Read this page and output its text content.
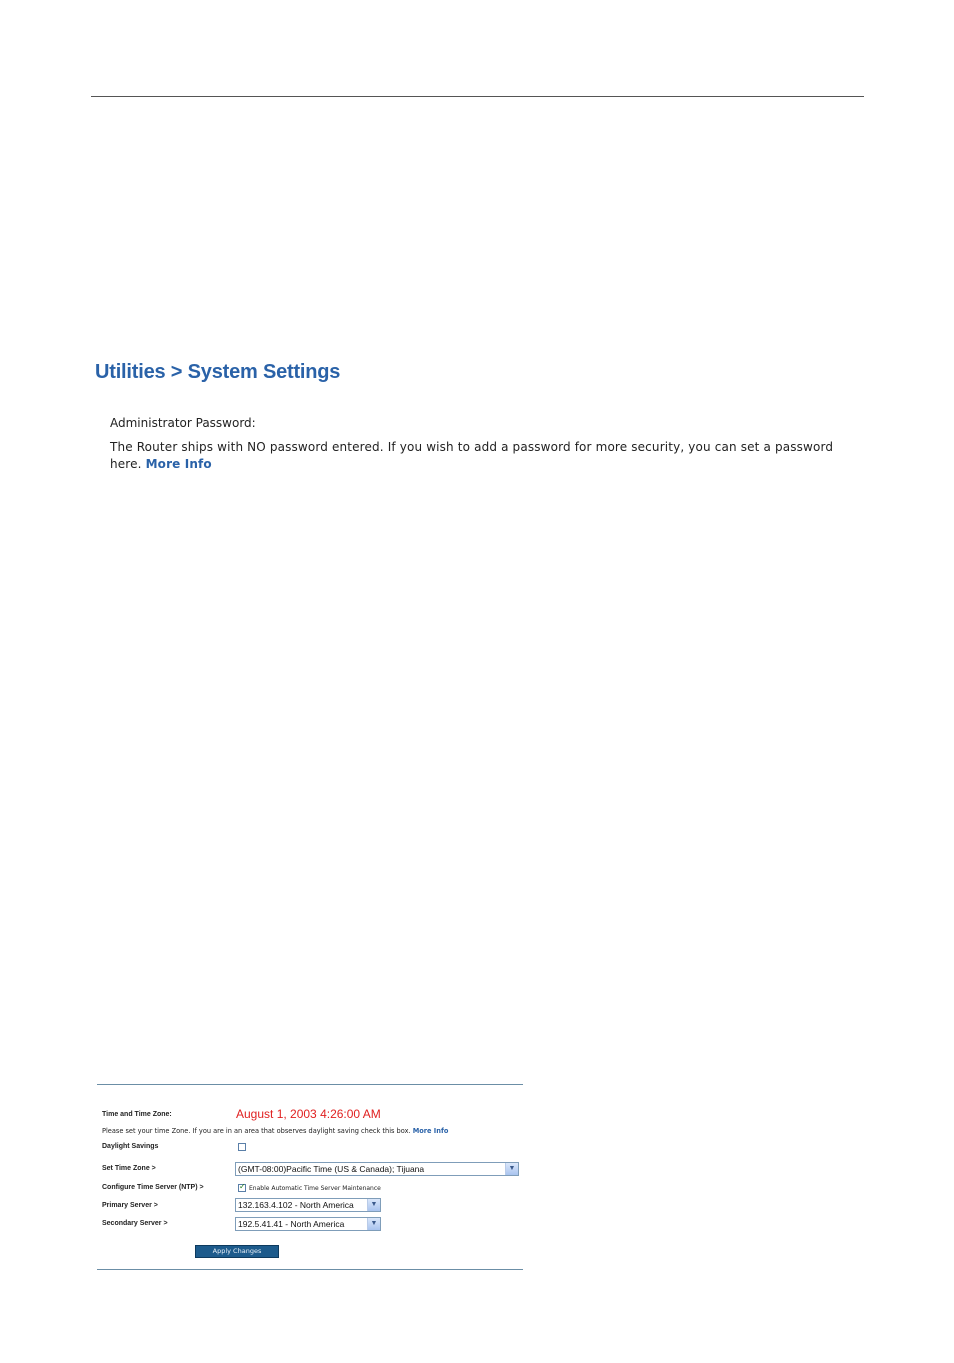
Utilities > System Settings
Administrator Password:
The Router ships with NO password entered. If you wish to add a password for more security, you can set a password here. More Info
Time and Time Zone:	August 1, 2003 4:26:00 AM
Please set your time Zone. If you are in an area that observes daylight saving check this box. More Info
Daylight Savings
Set Time Zone >	(GMT-08:00)Pacific Time (US & Canada); Tijuana	▼
Configure Time Server (NTP) >
✓	Enable Automatic Time Server Maintenance
Primary Server >	132.163.4.102 - North America	▼
Secondary Server >	192.5.41.41 - North America	▼
Apply Changes
